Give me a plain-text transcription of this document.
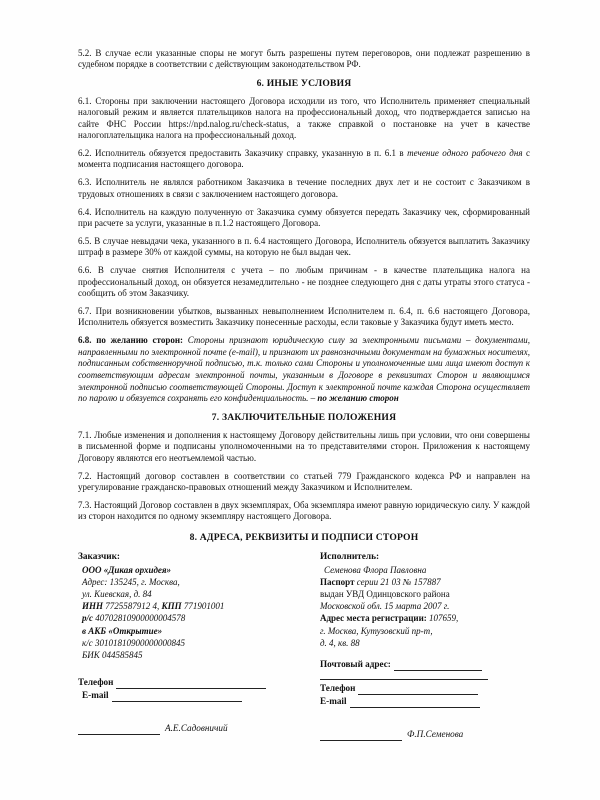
5.2. В случае если указанные споры не могут быть разрешены путем переговоров, они подлежат разрешению в судебном порядке в соответствии с действующим законодательством РФ.

6. ИНЫЕ УСЛОВИЯ

6.1. Стороны при заключении настоящего Договора исходили из того, что Исполнитель применяет специальный налоговый режим и является плательщиков налога на профессиональный доход, что подтверждается записью на сайте ФНС России https://npd.nalog.ru/check-status, а также справкой о постановке на учет в качестве налогоплательщика налога на профессиональный доход.

6.2. Исполнитель обязуется предоставить Заказчику справку, указанную в п. 6.1 в течение одного рабочего дня с момента подписания настоящего договора.

6.3. Исполнитель не являлся работником Заказчика в течение последних двух лет и не состоит с Заказчиком в трудовых отношениях в связи с заключением настоящего договора.

6.4. Исполнитель на каждую полученную от Заказчика сумму обязуется передать Заказчику чек, сформированный при расчете за услуги, указанные в п.1.2 настоящего Договора.

6.5. В случае невыдачи чека, указанного в п. 6.4 настоящего Договора, Исполнитель обязуется выплатить Заказчику штраф в размере 30% от каждой суммы, на которую не был выдан чек.

6.6. В случае снятия Исполнителя с учета – по любым причинам - в качестве плательщика налога на профессиональный доход, он обязуется незамедлительно - не позднее следующего дня с даты утраты этого статуса - сообщить об этом Заказчику.

6.7. При возникновении убытков, вызванных невыполнением Исполнителем п. 6.4, п. 6.6 настоящего Договора, Исполнитель обязуется возместить Заказчику понесенные расходы, если таковые у Заказчика будут иметь место.

6.8. по желанию сторон: Стороны признают юридическую силу за электронными письмами – документами, направленными по электронной почте (e-mail), и признают их равнозначными документам на бумажных носителях, подписанным собственноручной подписью, т.к. только сами Стороны и уполномоченные ими лица имеют доступ к соответствующим адресам электронной почты, указанным в Договоре в реквизитах Сторон и являющимся электронной подписью соответствующей Стороны. Доступ к электронной почте каждая Сторона осуществляет по паролю и обязуется сохранять его конфиденциальность. – по желанию сторон

7. ЗАКЛЮЧИТЕЛЬНЫЕ ПОЛОЖЕНИЯ

7.1. Любые изменения и дополнения к настоящему Договору действительны лишь при условии, что они совершены в письменной форме и подписаны уполномоченными на то представителями сторон. Приложения к настоящему Договору являются его неотъемлемой частью.

7.2. Настоящий договор составлен в соответствии со статьей 779 Гражданского кодекса РФ и направлен на урегулирование гражданско-правовых отношений между Заказчиком и Исполнителем.

7.3. Настоящий Договор составлен в двух экземплярах, Оба экземпляра имеют равную юридическую силу. У каждой из сторон находится по одному экземпляру настоящего Договора.

8. АДРЕСА, РЕКВИЗИТЫ И ПОДПИСИ СТОРОН
Заказчик:
ООО «Дикая орхидея»
Адрес: 135245, г. Москва,
ул. Киевская, д. 84
ИНН 7725587912 4, КПП 771901001
р/с 40702810900000004578
в АКБ «Открытие»
к/с 30101810900000000845
БИК 044585845
Телефон
E-mail
А.Е.Садовничий
Исполнитель:
Семенова Флора Павловна
Паспорт серии 21 03 № 157887
выдан УВД Одинцовского района
Московской обл. 15 марта 2007 г.
Адрес места регистрации: 107659,
г. Москва, Кутузовский пр-т,
д. 4, кв. 88
Почтовый адрес:
Телефон
E-mail
Ф.П.Семенова
